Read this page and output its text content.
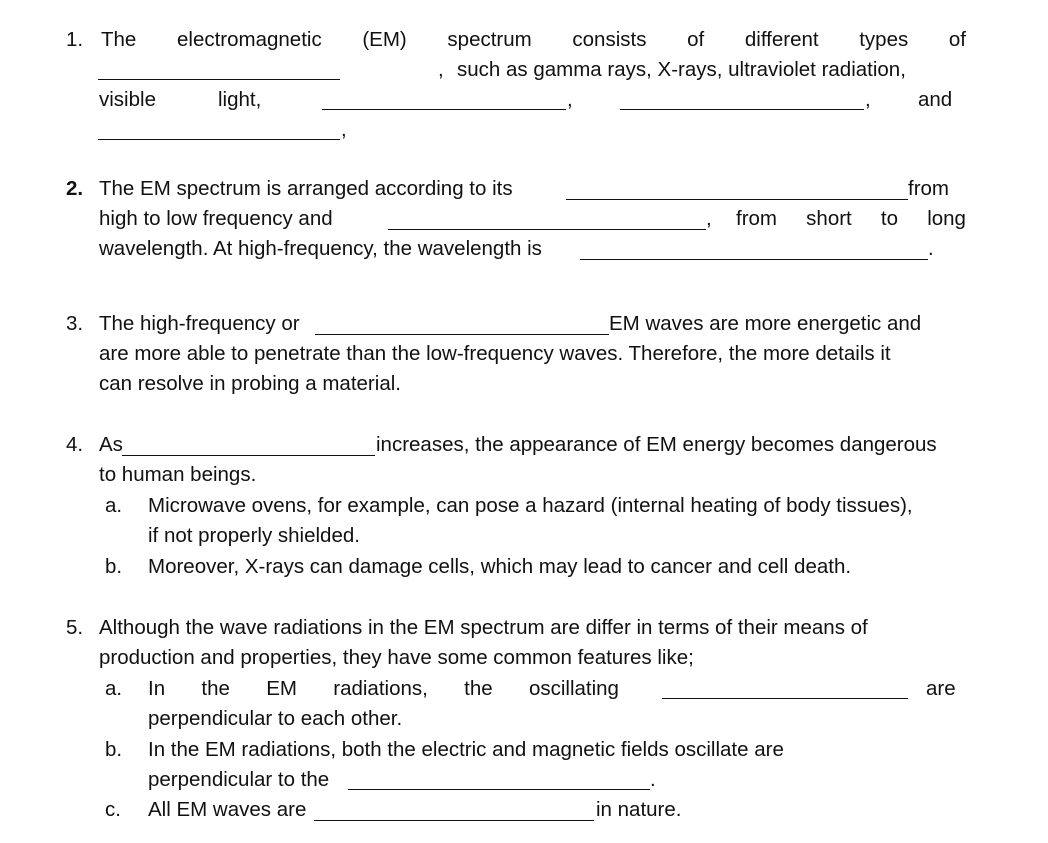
1. The electromagnetic (EM) spectrum consists of different types of
, such as gamma rays, X-rays, ultraviolet radiation,
visible	light,	,	, and
,
2. The EM spectrum is arranged according to its	from
high to low frequency and	, from short to long
wavelength. At high-frequency, the wavelength is	.
3. The high-frequency or	EM waves are more energetic and
are more able to penetrate than the low-frequency waves. Therefore, the more details it
can resolve in probing a material.
4. As	increases, the appearance of EM energy becomes dangerous
to human beings.
a. Microwave ovens, for example, can pose a hazard (internal heating of body tissues),
if not properly shielded.
b. Moreover, X-rays can damage cells, which may lead to cancer and cell death.
5. Although the wave radiations in the EM spectrum are differ in terms of their means of
production and properties, they have some common features like;
a. In the EM radiations, the oscillating	are
perpendicular to each other.
b. In the EM radiations, both the electric and magnetic fields oscillate are
perpendicular to the	.
c. All EM waves are	in nature.
